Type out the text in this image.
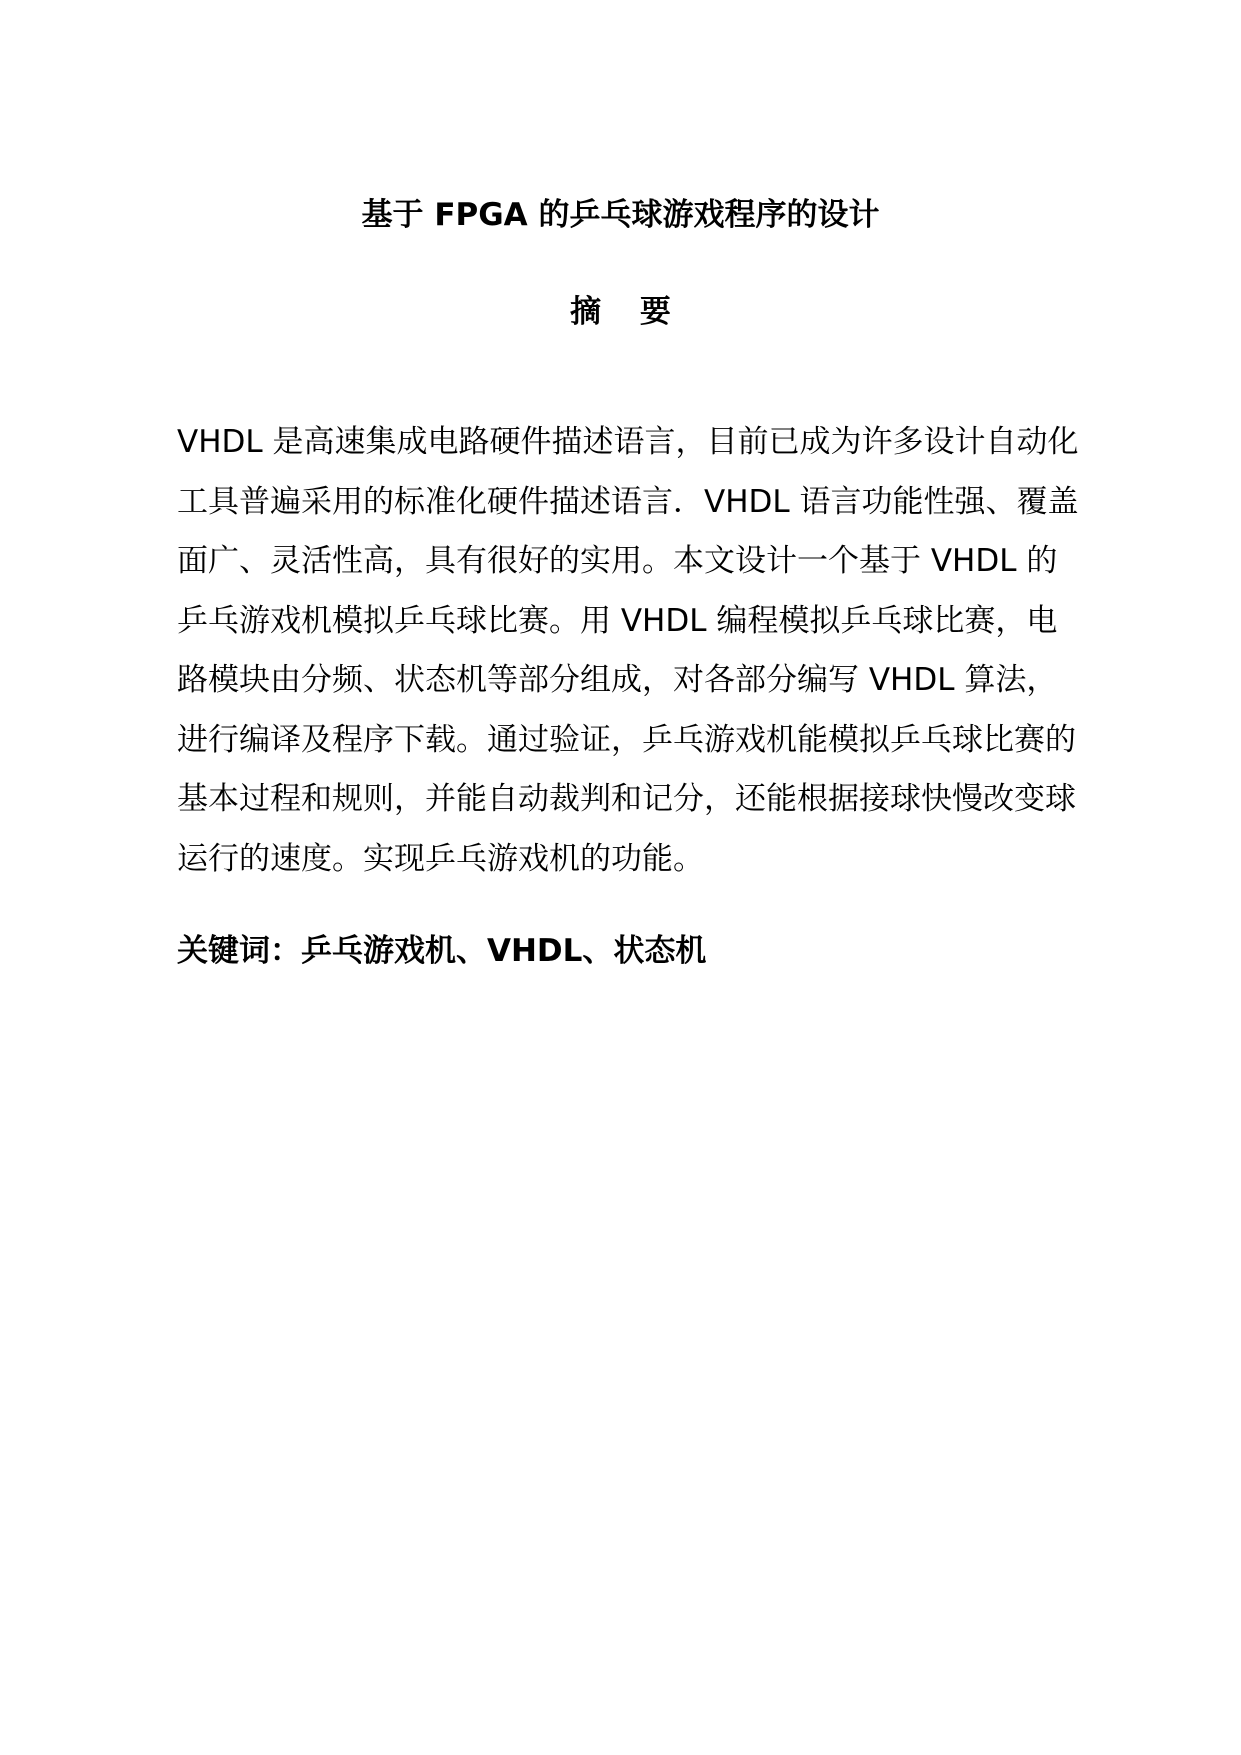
基于 FPGA 的乒乓球游戏程序的设计
摘 要
VHDL 是高速集成电路硬件描述语言，目前已成为许多设计自动化
工具普遍采用的标准化硬件描述语言．VHDL 语言功能性强、覆盖
面广、灵活性高，具有很好的实用。本文设计一个基于 VHDL 的
乒乓游戏机模拟乒乓球比赛。用 VHDL 编程模拟乒乓球比赛，电
路模块由分频、状态机等部分组成，对各部分编写 VHDL 算法，
进行编译及程序下载。通过验证，乒乓游戏机能模拟乒乓球比赛的
基本过程和规则，并能自动裁判和记分，还能根据接球快慢改变球
运行的速度。实现乒乓游戏机的功能。
关键词：乒乓游戏机、VHDL、状态机
